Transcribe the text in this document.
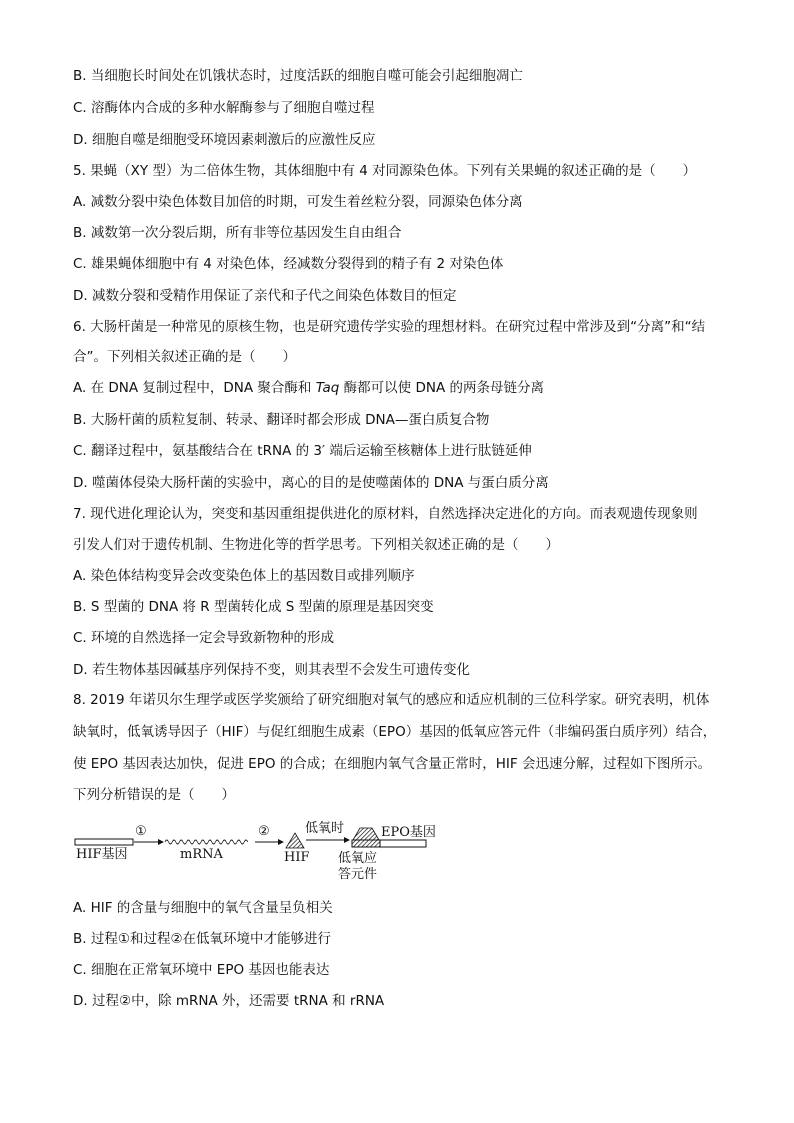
B. 当细胞长时间处在饥饿状态时，过度活跃的细胞自噬可能会引起细胞凋亡
C. 溶酶体内合成的多种水解酶参与了细胞自噬过程
D. 细胞自噬是细胞受环境因素刺激后的应激性反应
5. 果蝇（XY 型）为二倍体生物，其体细胞中有 4 对同源染色体。下列有关果蝇的叙述正确的是（　　）
A. 减数分裂中染色体数目加倍的时期，可发生着丝粒分裂，同源染色体分离
B. 减数第一次分裂后期，所有非等位基因发生自由组合
C. 雄果蝇体细胞中有 4 对染色体，经减数分裂得到的精子有 2 对染色体
D. 减数分裂和受精作用保证了亲代和子代之间染色体数目的恒定
6. 大肠杆菌是一种常见的原核生物，也是研究遗传学实验的理想材料。在研究过程中常涉及到“分离”和“结
合”。下列相关叙述正确的是（　　）
A. 在 DNA 复制过程中，DNA 聚合酶和 Taq 酶都可以使 DNA 的两条母链分离
B. 大肠杆菌的质粒复制、转录、翻译时都会形成 DNA—蛋白质复合物
C. 翻译过程中，氨基酸结合在 tRNA 的 3′ 端后运输至核糖体上进行肽链延伸
D. 噬菌体侵染大肠杆菌的实验中，离心的目的是使噬菌体的 DNA 与蛋白质分离
7. 现代进化理论认为，突变和基因重组提供进化的原材料，自然选择决定进化的方向。而表观遗传现象则
引发人们对于遗传机制、生物进化等的哲学思考。下列相关叙述正确的是（　　）
A. 染色体结构变异会改变染色体上的基因数目或排列顺序
B. S 型菌的 DNA 将 R 型菌转化成 S 型菌的原理是基因突变
C. 环境的自然选择一定会导致新物种的形成
D. 若生物体基因碱基序列保持不变，则其表型不会发生可遗传变化
8. 2019 年诺贝尔生理学或医学奖颁给了研究细胞对氧气的感应和适应机制的三位科学家。研究表明，机体
缺氧时，低氧诱导因子（HIF）与促红细胞生成素（EPO）基因的低氧应答元件（非编码蛋白质序列）结合，
使 EPO 基因表达加快，促进 EPO 的合成；在细胞内氧气含量正常时，HIF 会迅速分解，过程如下图所示。
下列分析错误的是（　　）
HIF基因
①
mRNA
②
HIF
低氧时	EPO基因
低氧应
答元件
A. HIF 的含量与细胞中的氧气含量呈负相关
B. 过程①和过程②在低氧环境中才能够进行
C. 细胞在正常氧环境中 EPO 基因也能表达
D. 过程②中，除 mRNA 外，还需要 tRNA 和 rRNA
